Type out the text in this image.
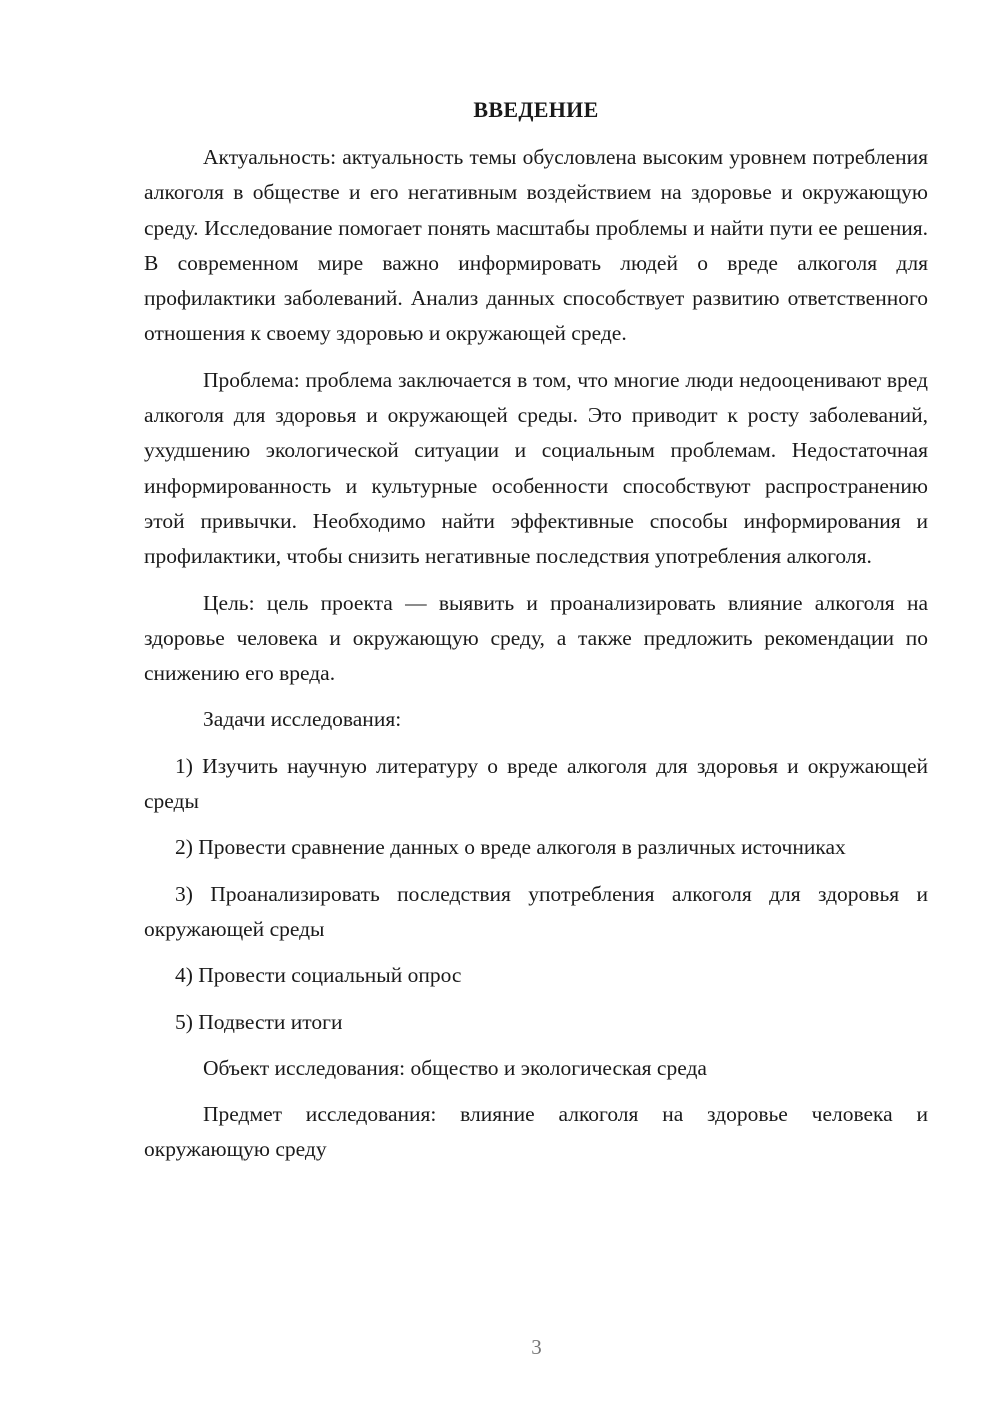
ВВЕДЕНИЕ

Актуальность: актуальность темы обусловлена высоким уровнем потребления алкоголя в обществе и его негативным воздействием на здоровье и окружающую среду. Исследование помогает понять масштабы проблемы и найти пути ее решения. В современном мире важно информировать людей о вреде алкоголя для профилактики заболеваний. Анализ данных способствует развитию ответственного отношения к своему здоровью и окружающей среде.

Проблема: проблема заключается в том, что многие люди недооценивают вред алкоголя для здоровья и окружающей среды. Это приводит к росту заболеваний, ухудшению экологической ситуации и социальным проблемам. Недостаточная информированность и культурные особенности способствуют распространению этой привычки. Необходимо найти эффективные способы информирования и профилактики, чтобы снизить негативные последствия употребления алкоголя.

Цель: цель проекта — выявить и проанализировать влияние алкоголя на здоровье человека и окружающую среду, а также предложить рекомендации по снижению его вреда.

Задачи исследования:

1) Изучить научную литературу о вреде алкоголя для здоровья и окружающей среды

2) Провести сравнение данных о вреде алкоголя в различных источниках

3) Проанализировать последствия употребления алкоголя для здоровья и окружающей среды

4) Провести социальный опрос

5) Подвести итоги

Объект исследования: общество и экологическая среда

Предмет исследования: влияние алкоголя на здоровье человека и окружающую среду

3
